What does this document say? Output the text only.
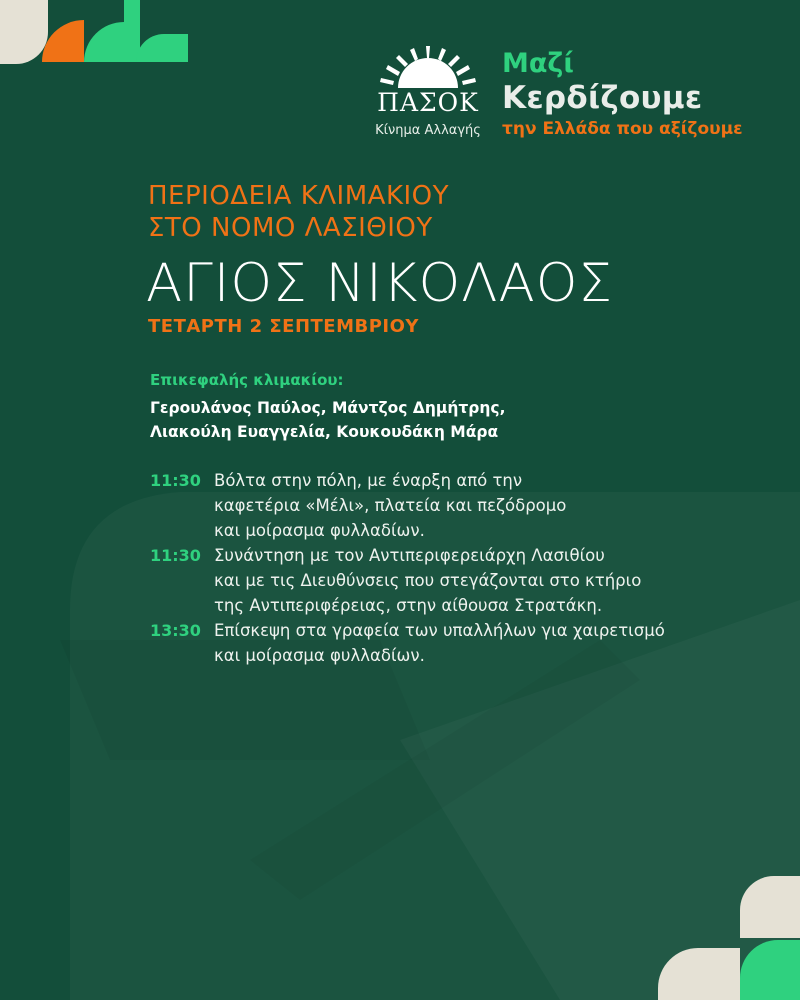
ΠΑΣΟΚ
Κίνημα Αλλαγής
Μαζί
Κερδίζουμε
την Ελλάδα που αξίζουμε
ΠΕΡΙΟΔΕΙΑ ΚΛΙΜΑΚΙΟΥ
ΣΤΟ ΝΟΜΟ ΛΑΣΙΘΙΟΥ
ΑΓΙΟΣ ΝΙΚΟΛΑΟΣ
ΤΕΤΑΡΤΗ 2 ΣΕΠΤΕΜΒΡΙΟΥ
Επικεφαλής κλιμακίου:
Γερουλάνος Παύλος, Μάντζος Δημήτρης,
Λιακούλη Ευαγγελία, Κουκουδάκη Μάρα
11:30 Βόλτα στην πόλη, με έναρξη από την
καφετέρια «Μέλι», πλατεία και πεζόδρομο
και μοίρασμα φυλλαδίων.
11:30 Συνάντηση με τον Αντιπεριφερειάρχη Λασιθίου
και με τις Διευθύνσεις που στεγάζονται στο κτήριο
της Αντιπεριφέρειας, στην αίθουσα Στρατάκη.
13:30 Επίσκεψη στα γραφεία των υπαλλήλων για χαιρετισμό
και μοίρασμα φυλλαδίων.
